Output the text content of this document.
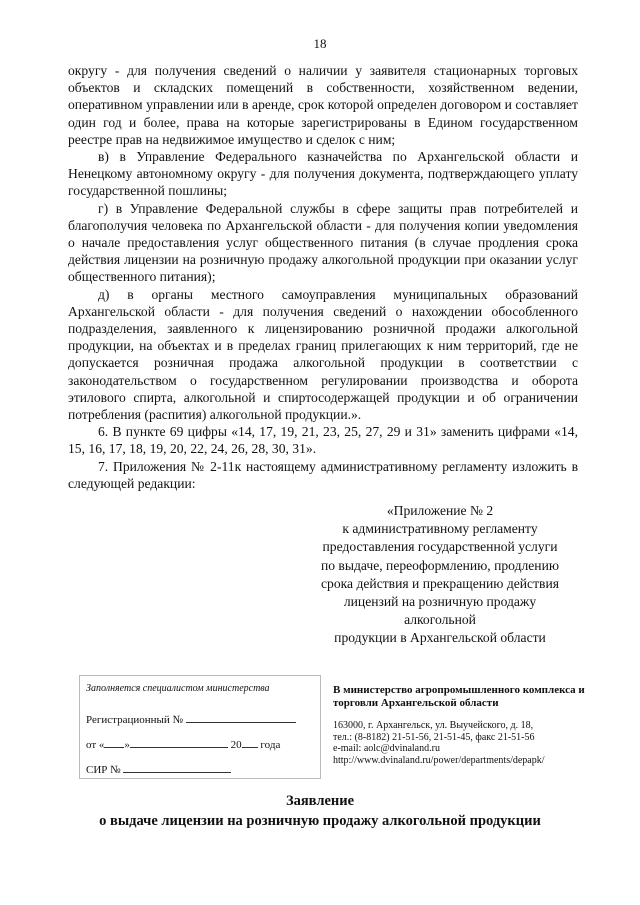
18

округу - для получения сведений о наличии у заявителя стационарных торговых объектов и складских помещений в собственности, хозяйственном ведении, оперативном управлении или в аренде, срок которой определен договором и составляет один год и более, права на которые зарегистрированы в Едином государственном реестре прав на недвижимое имущество и сделок с ним;

в) в Управление Федерального казначейства по Архангельской области и Ненецкому автономному округу - для получения документа, подтверждающего уплату государственной пошлины;

г) в Управление Федеральной службы в сфере защиты прав потребителей и благополучия человека по Архангельской области - для получения копии уведомления о начале предоставления услуг общественного питания (в случае продления срока действия лицензии на розничную продажу алкогольной продукции при оказании услуг общественного питания);

д) в органы местного самоуправления муниципальных образований Архангельской области - для получения сведений о нахождении обособленного подразделения, заявленного к лицензированию розничной продажи алкогольной продукции, на объектах и в пределах границ прилегающих к ним территорий, где не допускается розничная продажа алкогольной продукции в соответствии с законодательством о государственном регулировании производства и оборота этилового спирта, алкогольной и спиртосодержащей продукции и об ограничении потребления (распития) алкогольной продукции.».

6. В пункте 69 цифры «14, 17, 19, 21, 23, 25, 27, 29 и 31» заменить цифрами «14, 15, 16, 17, 18, 19, 20, 22, 24, 26, 28, 30, 31».

7. Приложения № 2-11к настоящему административному регламенту изложить в следующей редакции:

«Приложение № 2
к административному регламенту
предоставления государственной услуги
по выдаче, переоформлению, продлению
срока действия и прекращению действия
лицензий на розничную продажу
алкогольной
продукции в Архангельской области
Заполняется специалистом министерства
Регистрационный №
от « »	20 года
СИР №
В министерство агропромышленного комплекса и торговли Архангельской области
163000, г. Архангельск, ул. Выучейского, д. 18,
тел.: (8-8182) 21-51-56, 21-51-45, факс 21-51-56
e-mail: aolc@dvinaland.ru
http://www.dvinaland.ru/power/departments/depapk/
Заявление
о выдаче лицензии на розничную продажу алкогольной продукции
